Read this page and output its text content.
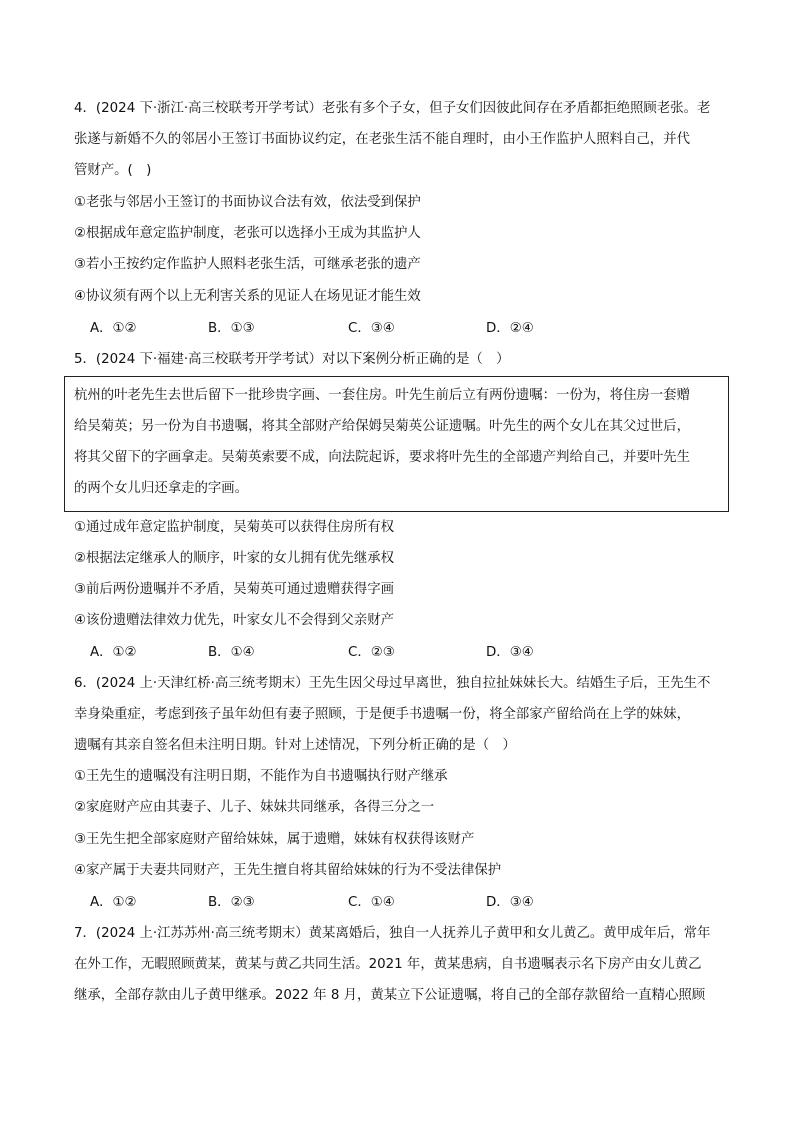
4．(2024 下·浙江·高三校联考开学考试）老张有多个子女，但子女们因彼此间存在矛盾都拒绝照顾老张。老
张遂与新婚不久的邻居小王签订书面协议约定，在老张生活不能自理时，由小王作监护人照料自己，并代
管财产。(　)
①老张与邻居小王签订的书面协议合法有效，依法受到保护
②根据成年意定监护制度，老张可以选择小王成为其监护人
③若小王按约定作监护人照料老张生活，可继承老张的遗产
④协议须有两个以上无利害关系的见证人在场见证才能生效
A．①②	B．①③	C．③④	D．②④
5．(2024 下·福建·高三校联考开学考试）对以下案例分析正确的是（　）
杭州的叶老先生去世后留下一批珍贵字画、一套住房。叶先生前后立有两份遗嘱：一份为，将住房一套赠
给吴菊英；另一份为自书遗嘱，将其全部财产给保姆吴菊英公证遗嘱。叶先生的两个女儿在其父过世后，
将其父留下的字画拿走。吴菊英索要不成，向法院起诉，要求将叶先生的全部遗产判给自己，并要叶先生
的两个女儿归还拿走的字画。
①通过成年意定监护制度，吴菊英可以获得住房所有权
②根据法定继承人的顺序，叶家的女儿拥有优先继承权
③前后两份遗嘱并不矛盾，吴菊英可通过遗赠获得字画
④该份遗赠法律效力优先，叶家女儿不会得到父亲财产
A．①②	B．①④	C．②③	D．③④
6．(2024 上·天津红桥·高三统考期末）王先生因父母过早离世，独自拉扯妹妹长大。结婚生子后，王先生不
幸身染重症，考虑到孩子虽年幼但有妻子照顾，于是便手书遗嘱一份，将全部家产留给尚在上学的妹妹，
遗嘱有其亲自签名但未注明日期。针对上述情况，下列分析正确的是（　）
①王先生的遗嘱没有注明日期，不能作为自书遗嘱执行财产继承
②家庭财产应由其妻子、儿子、妹妹共同继承，各得三分之一
③王先生把全部家庭财产留给妹妹，属于遗赠，妹妹有权获得该财产
④家产属于夫妻共同财产，王先生擅自将其留给妹妹的行为不受法律保护
A．①②	B．②③	C．①④	D．③④
7．(2024 上·江苏苏州·高三统考期末）黄某离婚后，独自一人抚养儿子黄甲和女儿黄乙。黄甲成年后，常年
在外工作，无暇照顾黄某，黄某与黄乙共同生活。2021 年，黄某患病，自书遗嘱表示名下房产由女儿黄乙
继承，全部存款由儿子黄甲继承。2022 年 8 月，黄某立下公证遗嘱，将自己的全部存款留给一直精心照顾
